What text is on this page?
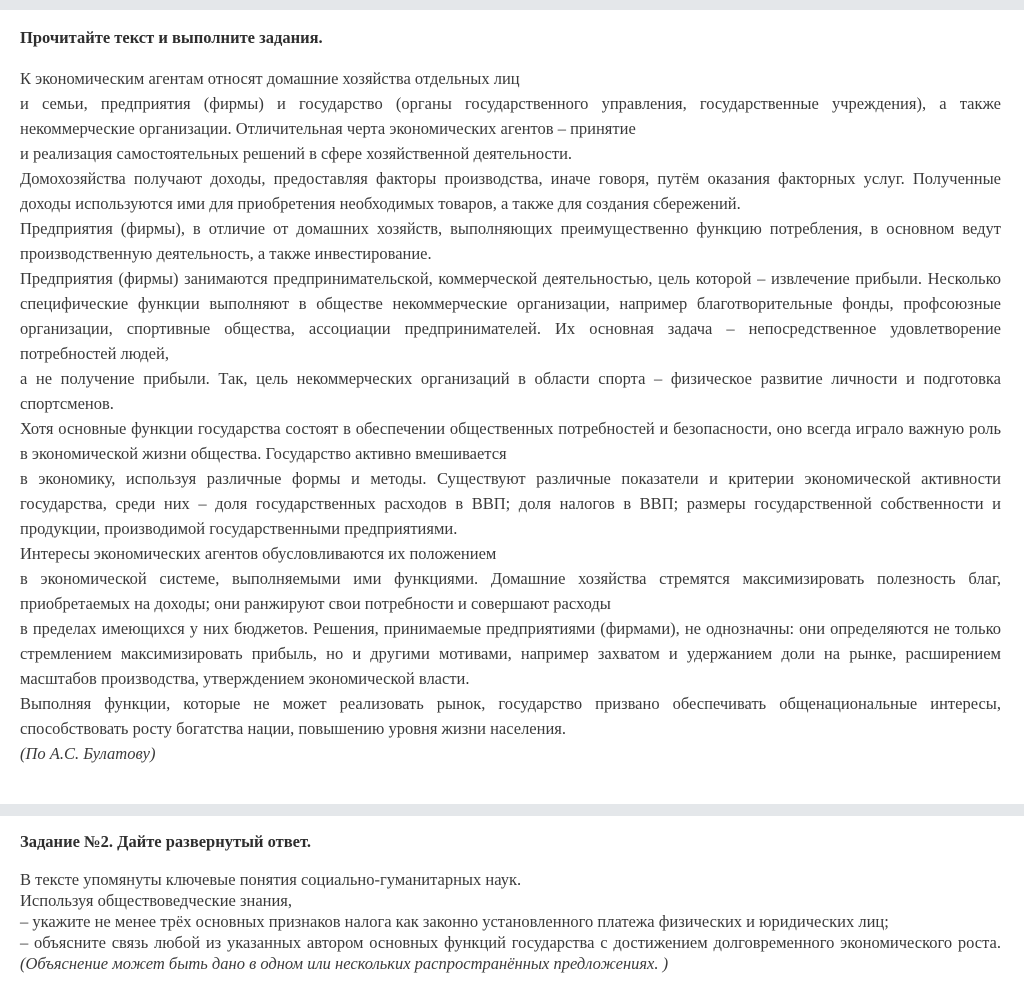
Прочитайте текст и выполните задания.

К экономическим агентам относят домашние хозяйства отдельных лиц

и семьи, предприятия (фирмы) и государство (органы государственного управления, государственные учреждения), а также некоммерческие организации. Отличительная черта экономических агентов – принятие

и реализация самостоятельных решений в сфере хозяйственной деятельности.

Домохозяйства получают доходы, предоставляя факторы производства, иначе говоря, путём оказания факторных услуг. Полученные доходы используются ими для приобретения необходимых товаров, а также для создания сбережений.

Предприятия (фирмы), в отличие от домашних хозяйств, выполняющих преимущественно функцию потребления, в основном ведут производственную деятельность, а также инвестирование.

Предприятия (фирмы) занимаются предпринимательской, коммерческой деятельностью, цель которой – извлечение прибыли. Несколько специфические функции выполняют в обществе некоммерческие организации, например благотворительные фонды, профсоюзные организации, спортивные общества, ассоциации предпринимателей. Их основная задача – непосредственное удовлетворение потребностей людей,

а не получение прибыли. Так, цель некоммерческих организаций в области спорта – физическое развитие личности и подготовка спортсменов.

Хотя основные функции государства состоят в обеспечении общественных потребностей и безопасности, оно всегда играло важную роль в экономической жизни общества. Государство активно вмешивается

в экономику, используя различные формы и методы. Существуют различные показатели и критерии экономической активности государства, среди них – доля государственных расходов в ВВП; доля налогов в ВВП; размеры государственной собственности и продукции, производимой государственными предприятиями.

Интересы экономических агентов обусловливаются их положением

в экономической системе, выполняемыми ими функциями. Домашние хозяйства стремятся максимизировать полезность благ, приобретаемых на доходы; они ранжируют свои потребности и совершают расходы

в пределах имеющихся у них бюджетов. Решения, принимаемые предприятиями (фирмами), не однозначны: они определяются не только стремлением максимизировать прибыль, но и другими мотивами, например захватом и удержанием доли на рынке, расширением масштабов производства, утверждением экономической власти.

Выполняя функции, которые не может реализовать рынок, государство призвано обеспечивать общенациональные интересы, способствовать росту богатства нации, повышению уровня жизни населения.

(По А.С. Булатову)

Задание №2. Дайте развернутый ответ.

В тексте упомянуты ключевые понятия социально-гуманитарных наук.

Используя обществоведческие знания,

– укажите не менее трёх основных признаков налога как законно установленного платежа физических и юридических лиц;

– объясните связь любой из указанных автором основных функций государства с достижением долговременного экономического роста. (Объяснение может быть дано в одном или нескольких распространённых предложениях. )
